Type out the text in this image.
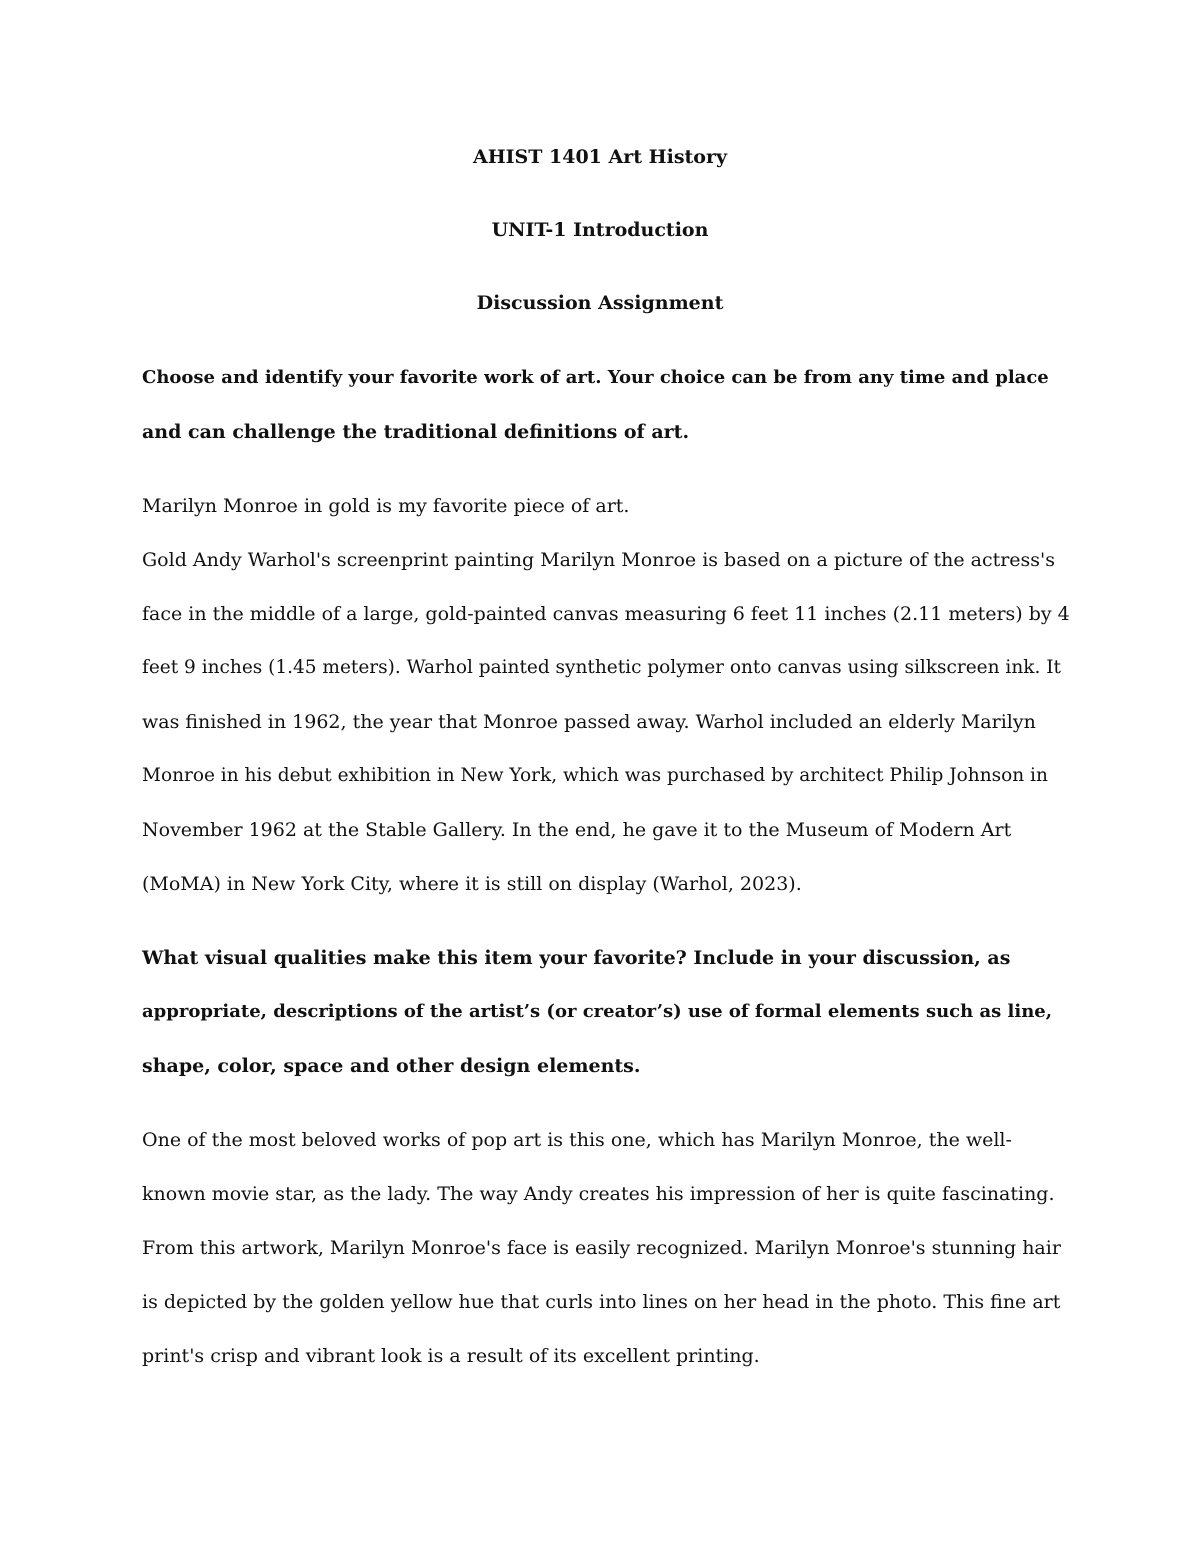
AHIST 1401 Art History
UNIT-1 Introduction
Discussion Assignment
Choose and identify your favorite work of art. Your choice can be from any time and place
and can challenge the traditional definitions of art.
Marilyn Monroe in gold is my favorite piece of art.
Gold Andy Warhol's screenprint painting Marilyn Monroe is based on a picture of the actress's
face in the middle of a large, gold-painted canvas measuring 6 feet 11 inches (2.11 meters) by 4
feet 9 inches (1.45 meters). Warhol painted synthetic polymer onto canvas using silkscreen ink. It
was finished in 1962, the year that Monroe passed away. Warhol included an elderly Marilyn
Monroe in his debut exhibition in New York, which was purchased by architect Philip Johnson in
November 1962 at the Stable Gallery. In the end, he gave it to the Museum of Modern Art
(MoMA) in New York City, where it is still on display (Warhol, 2023).
What visual qualities make this item your favorite? Include in your discussion, as
appropriate, descriptions of the artist’s (or creator’s) use of formal elements such as line,
shape, color, space and other design elements.
One of the most beloved works of pop art is this one, which has Marilyn Monroe, the well-
known movie star, as the lady. The way Andy creates his impression of her is quite fascinating.
From this artwork, Marilyn Monroe's face is easily recognized. Marilyn Monroe's stunning hair
is depicted by the golden yellow hue that curls into lines on her head in the photo. This fine art
print's crisp and vibrant look is a result of its excellent printing.
